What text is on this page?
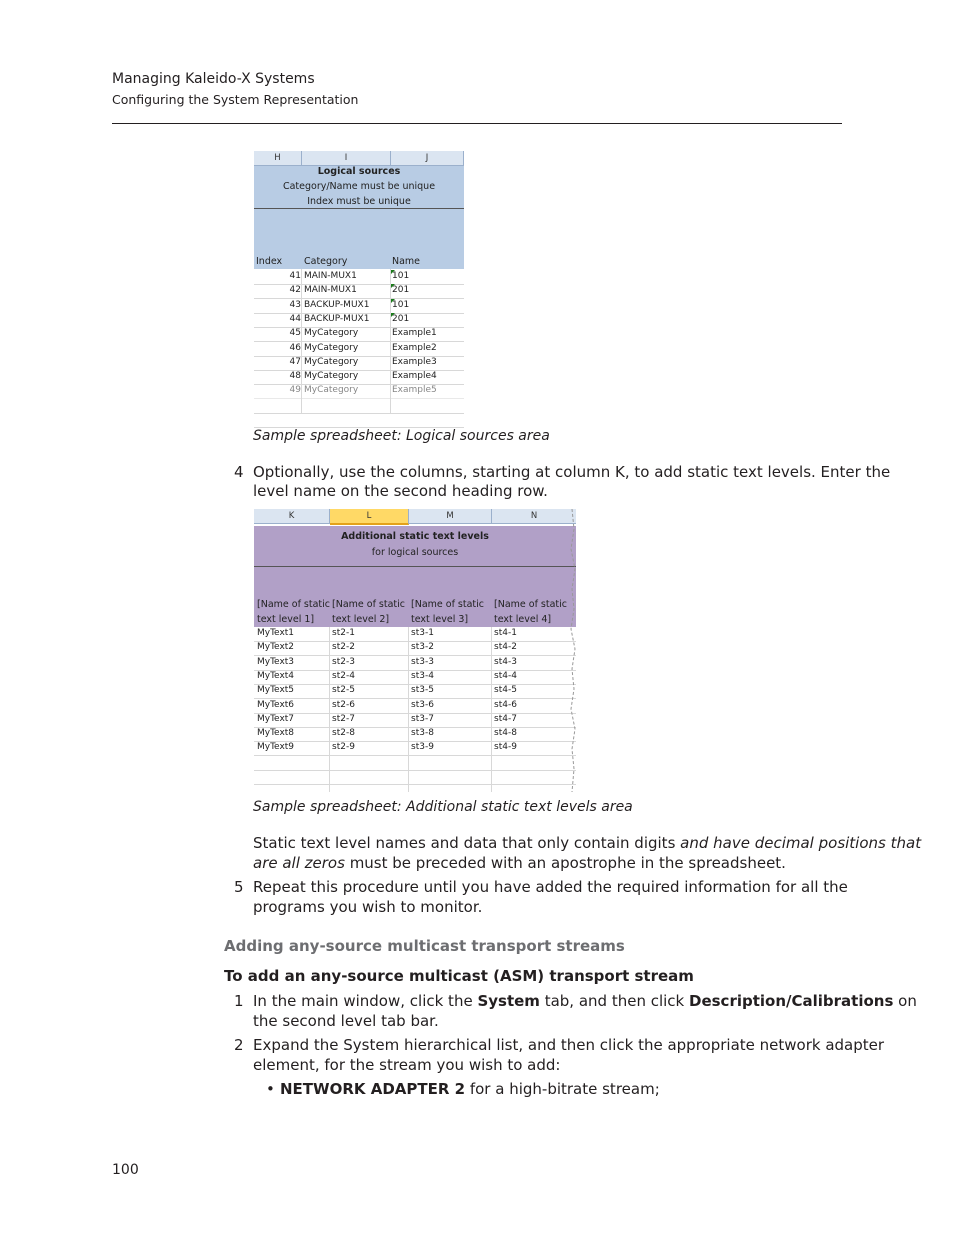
Managing Kaleido-X Systems
Configuring the System Representation
H	I	J
Logical sources
Category/Name must be unique
Index must be unique
Index Category	Name
41 MAIN-MUX1	101
42 MAIN-MUX1	201
43 BACKUP-MUX1	101
44 BACKUP-MUX1	201
45 MyCategory	Example1
46 MyCategory	Example2
47 MyCategory	Example3
48 MyCategory	Example4
49 MyCategory	Example5
Sample spreadsheet: Logical sources area
4 Optionally, use the columns, starting at column K, to add static text levels. Enter the
level name on the second heading row.
K	L	M	N
Additional static text levels
for logical sources
[Name of static
text level 1]
[Name of static
text level 2]
[Name of static
text level 3]
[Name of static
text level 4]
MyText1	st2-1	st3-1	st4-1
MyText2	st2-2	st3-2	st4-2
MyText3	st2-3	st3-3	st4-3
MyText4	st2-4	st3-4	st4-4
MyText5	st2-5	st3-5	st4-5
MyText6	st2-6	st3-6	st4-6
MyText7	st2-7	st3-7	st4-7
MyText8	st2-8	st3-8	st4-8
MyText9	st2-9	st3-9	st4-9
Sample spreadsheet: Additional static text levels area
Static text level names and data that only contain digits and have decimal positions that
are all zeros must be preceded with an apostrophe in the spreadsheet.
5 Repeat this procedure until you have added the required information for all the
programs you wish to monitor.
Adding any-source multicast transport streams
To add an any-source multicast (ASM) transport stream
1 In the main window, click the System tab, and then click Description/Calibrations on
the second level tab bar.
2 Expand the System hierarchical list, and then click the appropriate network adapter
element, for the stream you wish to add:
• NETWORK ADAPTER 2 for a high-bitrate stream;
100
